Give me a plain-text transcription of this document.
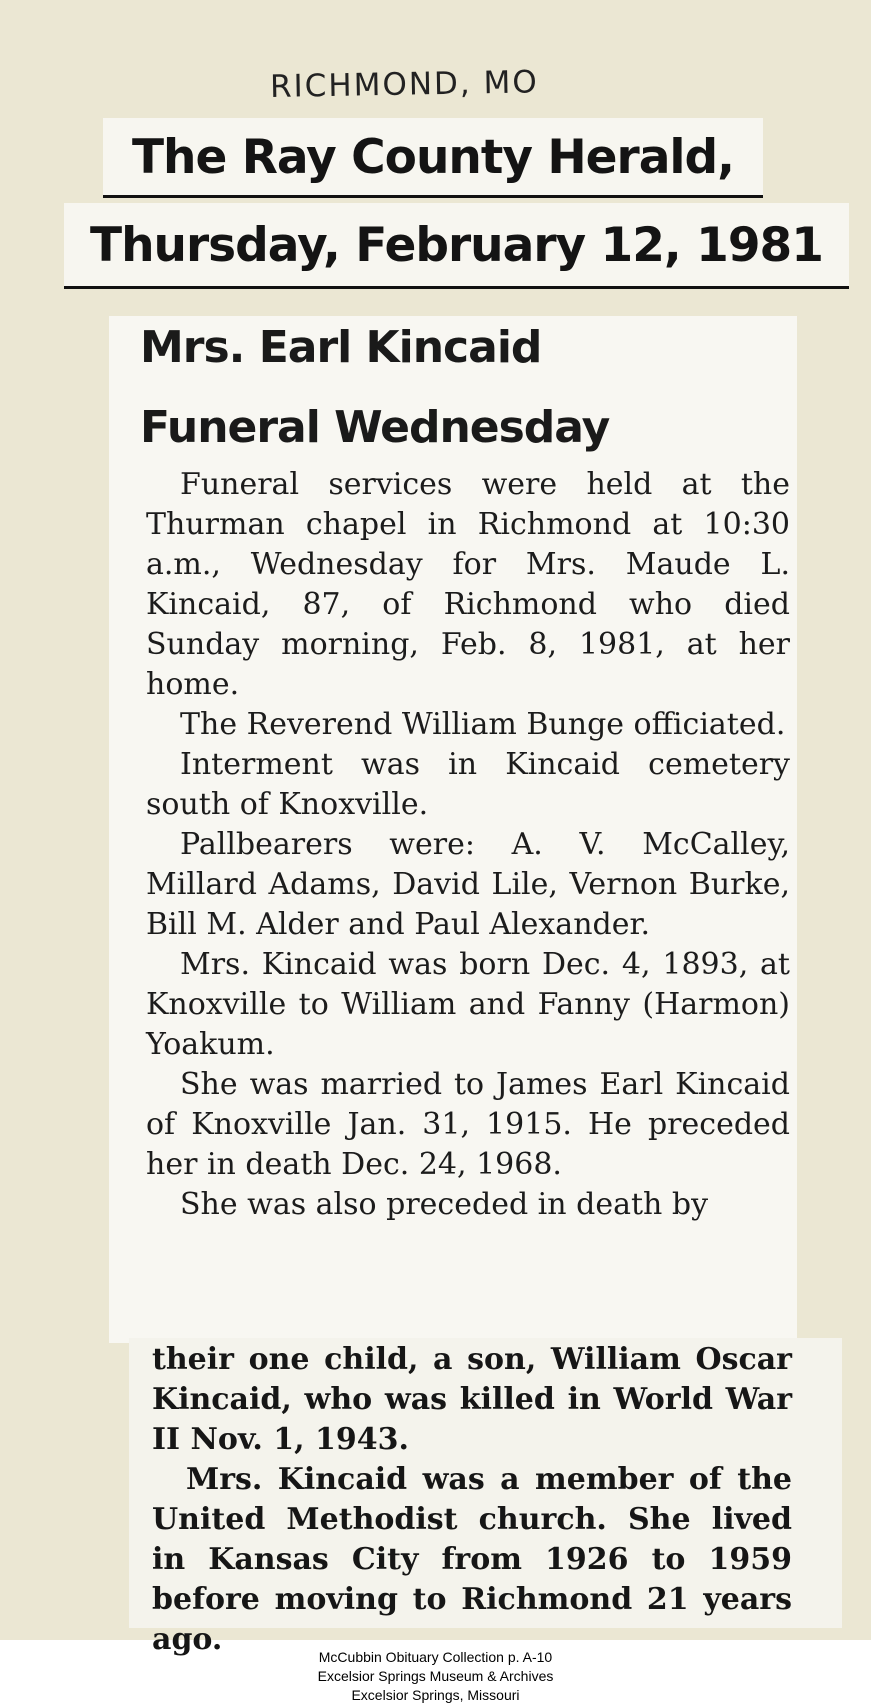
RICHMOND, MO
The Ray County Herald,
Thursday, February 12, 1981
Mrs. Earl Kincaid
Funeral Wednesday

Funeral services were held at the Thurman chapel in Richmond at 10:30 a.m., Wednesday for Mrs. Maude L. Kincaid, 87, of Richmond who died Sunday morning, Feb. 8, 1981, at her home.

The Reverend William Bunge officiated.

Interment was in Kincaid cemetery south of Knoxville.

Pallbearers were: A. V. McCalley, Millard Adams, David Lile, Vernon Burke, Bill M. Alder and Paul Alexander.

Mrs. Kincaid was born Dec. 4, 1893, at Knoxville to William and Fanny (Harmon) Yoakum.

She was married to James Earl Kincaid of Knoxville Jan. 31, 1915. He preceded her in death Dec. 24, 1968.

She was also preceded in death by

their one child, a son, William Oscar Kincaid, who was killed in World War II Nov. 1, 1943.

Mrs. Kincaid was a member of the United Methodist church. She lived in Kansas City from 1926 to 1959 before moving to Richmond 21 years ago.	McCubbin Obituary Collection p. A-10
Excelsior Springs Museum & Archives
Excelsior Springs, Missouri
